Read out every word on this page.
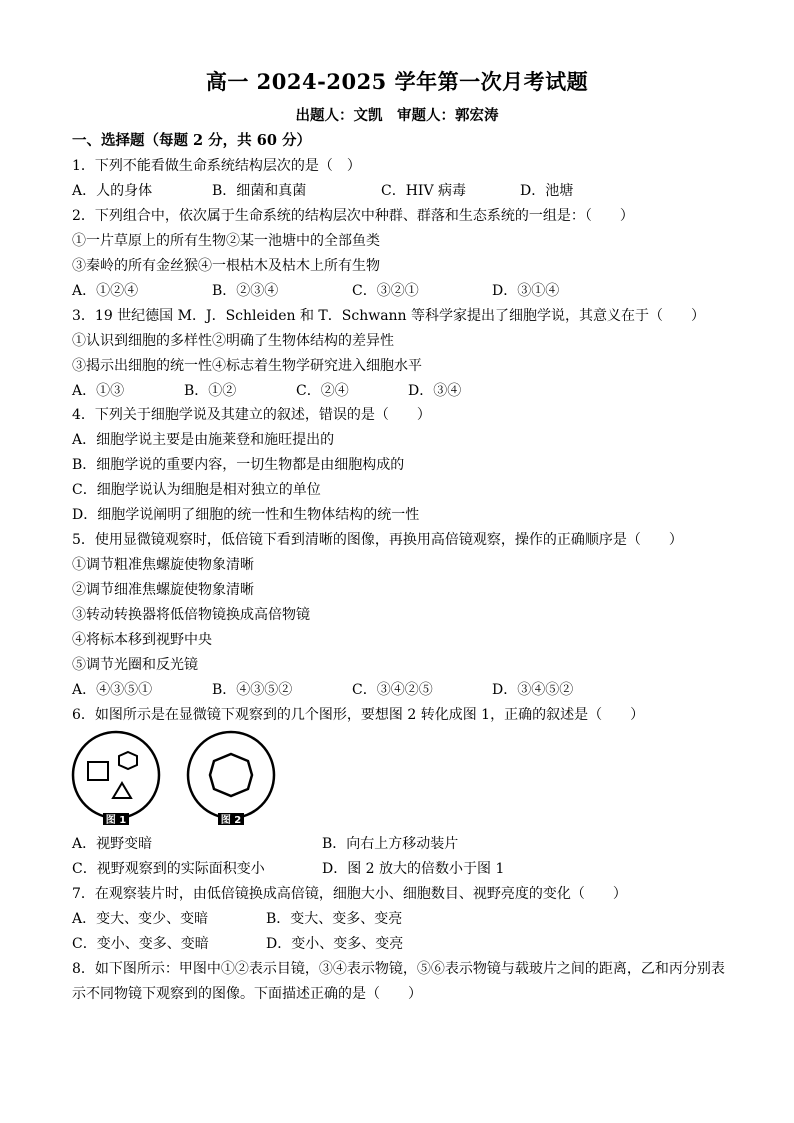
高一 2024-2025 学年第一次月考试题
出题人：文凯　审题人：郭宏涛
一、选择题（每题 2 分，共 60 分）
1．下列不能看做生命系统结构层次的是（　）
A．人的身体	B．细菌和真菌	C．HIV 病毒	D．池塘
2．下列组合中，依次属于生命系统的结构层次中种群、群落和生态系统的一组是：（　　）
①一片草原上的所有生物②某一池塘中的全部鱼类
③秦岭的所有金丝猴④一根枯木及枯木上所有生物
A．①②④	B．②③④	C．③②①	D．③①④
3．19 世纪德国 M．J．Schleiden 和 T．Schwann 等科学家提出了细胞学说，其意义在于（　　）
①认识到细胞的多样性②明确了生物体结构的差异性
③揭示出细胞的统一性④标志着生物学研究进入细胞水平
A．①③	B．①②	C．②④	D．③④
4．下列关于细胞学说及其建立的叙述，错误的是（　　）
A．细胞学说主要是由施莱登和施旺提出的
B．细胞学说的重要内容，一切生物都是由细胞构成的
C．细胞学说认为细胞是相对独立的单位
D．细胞学说阐明了细胞的统一性和生物体结构的统一性
5．使用显微镜观察时，低倍镜下看到清晰的图像，再换用高倍镜观察，操作的正确顺序是（　　）
①调节粗准焦螺旋使物象清晰
②调节细准焦螺旋使物象清晰
③转动转换器将低倍物镜换成高倍物镜
④将标本移到视野中央
⑤调节光圈和反光镜
A．④③⑤①	B．④③⑤②	C．③④②⑤	D．③④⑤②
6．如图所示是在显微镜下观察到的几个图形，要想图 2 转化成图 1，正确的叙述是（　　）
图 1	图 2
A．视野变暗	B．向右上方移动装片
C．视野观察到的实际面积变小	D．图 2 放大的倍数小于图 1
7．在观察装片时，由低倍镜换成高倍镜，细胞大小、细胞数目、视野亮度的变化（　　）
A．变大、变少、变暗	B．变大、变多、变亮
C．变小、变多、变暗	D．变小、变多、变亮
8．如下图所示：甲图中①②表示目镜，③④表示物镜，⑤⑥表示物镜与载玻片之间的距离，乙和丙分别表
示不同物镜下观察到的图像。下面描述正确的是（　　）
